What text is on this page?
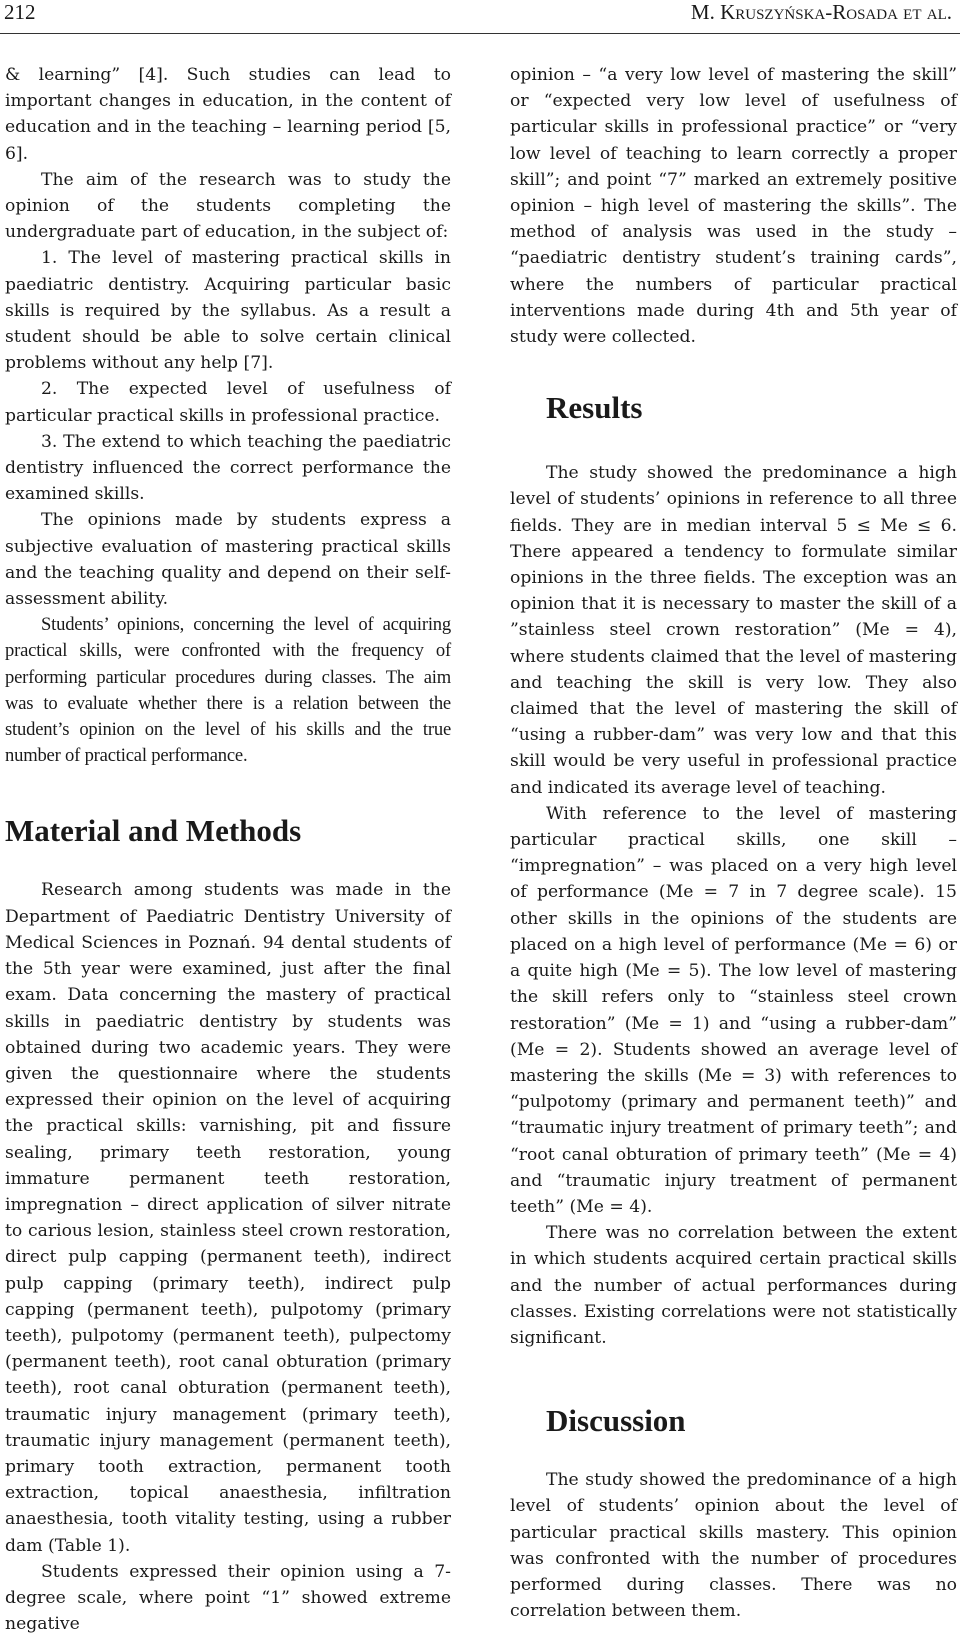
212	M. Kruszyńska-Rosada et al.

& learning” [4]. Such studies can lead to important changes in education, in the content of education and in the teaching – learning period [5, 6].

The aim of the research was to study the opinion of the students completing the undergraduate part of education, in the subject of:

1. The level of mastering practical skills in paediatric dentistry. Acquiring particular basic skills is required by the syllabus. As a result a student should be able to solve certain clinical problems without any help [7].

2. The expected level of usefulness of particular practical skills in professional practice.

3. The extend to which teaching the paediatric dentistry influenced the correct performance the examined skills.

The opinions made by students express a subjective evaluation of mastering practical skills and the teaching quality and depend on their self-assessment ability.

Students’ opinions, concerning the level of acquiring practical skills, were confronted with the frequency of performing particular procedures during classes. The aim was to evaluate whether there is a relation between the student’s opinion on the level of his skills and the true number of practical performance.

Material and Methods

Research among students was made in the Department of Paediatric Dentistry University of Medical Sciences in Poznań. 94 dental students of the 5th year were examined, just after the final exam. Data concerning the mastery of practical skills in paediatric dentistry by students was obtained during two academic years. They were given the questionnaire where the students expressed their opinion on the level of acquiring the practical skills: varnishing, pit and fissure sealing, primary teeth restoration, young immature permanent teeth restoration, impregnation – direct application of silver nitrate to carious lesion, stainless steel crown restoration, direct pulp capping (permanent teeth), indirect pulp capping (primary teeth), indirect pulp capping (permanent teeth), pulpotomy (primary teeth), pulpotomy (permanent teeth), pulpectomy (permanent teeth), root canal obturation (primary teeth), root canal obturation (permanent teeth), traumatic injury management (primary teeth), traumatic injury management (permanent teeth), primary tooth extraction, permanent tooth extraction, topical anaesthesia, infiltration anaesthesia, tooth vitality testing, using a rubber dam (Table 1).

Students expressed their opinion using a 7-degree scale, where point “1” showed extreme negative

opinion – “a very low level of mastering the skill” or “expected very low level of usefulness of particular skills in professional practice” or “very low level of teaching to learn correctly a proper skill”; and point “7” marked an extremely positive opinion – high level of mastering the skills”. The method of analysis was used in the study – “paediatric dentistry student’s training cards”, where the numbers of particular practical interventions made during 4th and 5th year of study were collected.

Results

The study showed the predominance a high level of students’ opinions in reference to all three fields. They are in median interval 5 ≤ Me ≤ 6. There appeared a tendency to formulate similar opinions in the three fields. The exception was an opinion that it is necessary to master the skill of a ”stainless steel crown restoration” (Me = 4), where students claimed that the level of mastering and teaching the skill is very low. They also claimed that the level of mastering the skill of “using a rubber-dam” was very low and that this skill would be very useful in professional practice and indicated its average level of teaching.

With reference to the level of mastering particular practical skills, one skill – “impregnation” – was placed on a very high level of performance (Me = 7 in 7 degree scale). 15 other skills in the opinions of the students are placed on a high level of performance (Me = 6) or a quite high (Me = 5). The low level of mastering the skill refers only to “stainless steel crown restoration” (Me = 1) and “using a rubber-dam” (Me = 2). Students showed an average level of mastering the skills (Me = 3) with references to “pulpotomy (primary and permanent teeth)” and “traumatic injury treatment of primary teeth”; and “root canal obturation of primary teeth” (Me = 4) and “traumatic injury treatment of permanent teeth” (Me = 4).

There was no correlation between the extent in which students acquired certain practical skills and the number of actual performances during classes. Existing correlations were not statistically significant.

Discussion

The study showed the predominance of a high level of students’ opinion about the level of particular practical skills mastery. This opinion was confronted with the number of procedures performed during classes. There was no correlation between them.
